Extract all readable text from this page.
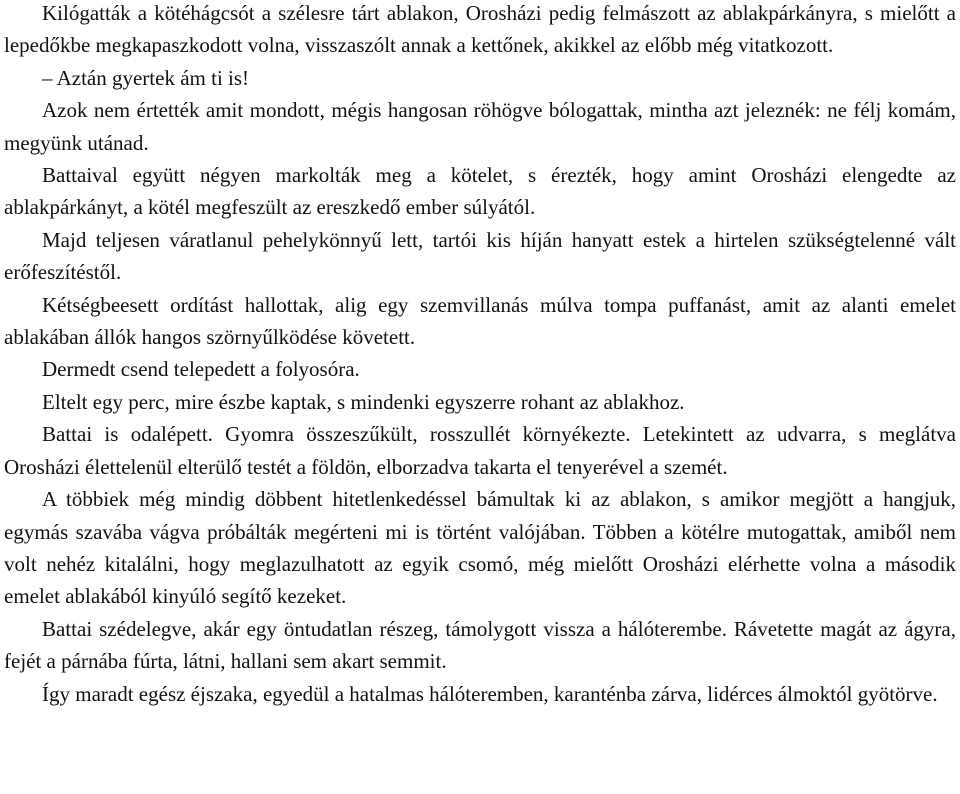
Kilógatták a kötéhágcsót a szélesre tárt ablakon, Orosházi pedig felmászott az ablakpárkányra, s mielőtt a lepedőkbe megkapaszkodott volna, visszaszólt annak a kettőnek, akikkel az előbb még vitatkozott.

– Aztán gyertek ám ti is!

Azok nem értették amit mondott, mégis hangosan röhögve bólogattak, mintha azt jeleznék: ne félj komám, megyünk utánad.

Battaival együtt négyen markolták meg a kötelet, s érezték, hogy amint Orosházi elengedte az ablakpárkányt, a kötél megfeszült az ereszkedő ember súlyától.

Majd teljesen váratlanul pehelykönnyű lett, tartói kis híján hanyatt estek a hirtelen szükségtelenné vált erőfeszítéstől.

Kétségbeesett ordítást hallottak, alig egy szemvillanás múlva tompa puffanást, amit az alanti emelet ablakában állók hangos szörnyűlködése követett.

Dermedt csend telepedett a folyosóra.

Eltelt egy perc, mire észbe kaptak, s mindenki egyszerre rohant az ablakhoz.

Battai is odalépett. Gyomra összeszűkült, rosszullét környékezte. Letekintett az udvarra, s meglátva Orosházi élettelenül elterülő testét a földön, elborzadva takarta el tenyerével a szemét.

A többiek még mindig döbbent hitetlenkedéssel bámultak ki az ablakon, s amikor megjött a hangjuk, egymás szavába vágva próbálták megérteni mi is történt valójában. Többen a kötélre mutogattak, amiből nem volt nehéz kitalálni, hogy meglazulhatott az egyik csomó, még mielőtt Orosházi elérhette volna a második emelet ablakából kinyúló segítő kezeket.

Battai szédelegve, akár egy öntudatlan részeg, támolygott vissza a hálóterembe. Rávetette magát az ágyra, fejét a párnába fúrta, látni, hallani sem akart semmit.

Így maradt egész éjszaka, egyedül a hatalmas hálóteremben, karanténba zárva, lidérces álmoktól gyötörve.
